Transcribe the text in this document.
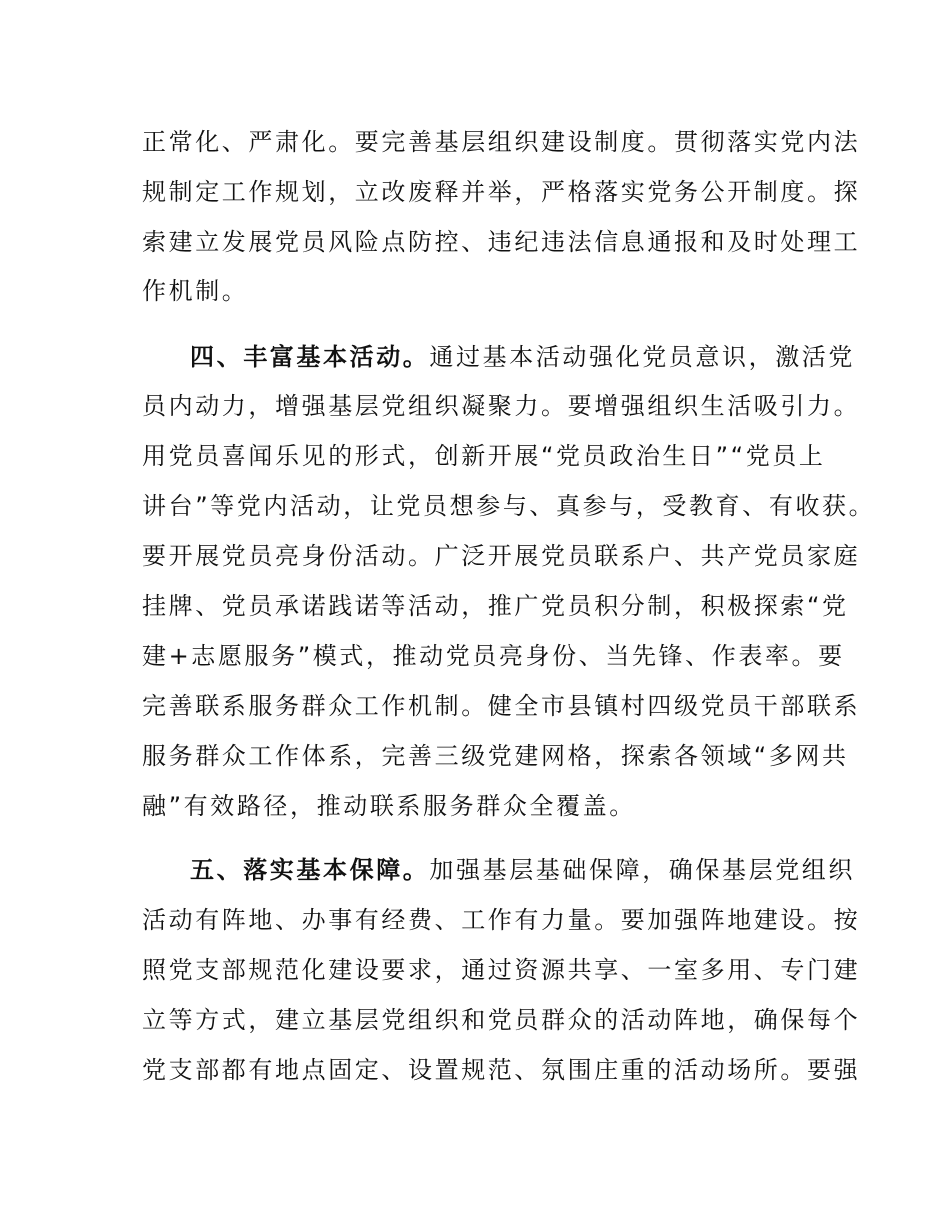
正常化、严肃化。要完善基层组织建设制度。贯彻落实党内法
规制定工作规划，立改废释并举，严格落实党务公开制度。探
索建立发展党员风险点防控、违纪违法信息通报和及时处理工
作机制。
四、丰富基本活动。通过基本活动强化党员意识，激活党
员内动力，增强基层党组织凝聚力。要增强组织生活吸引力。
用党员喜闻乐见的形式，创新开展“党员政治生日”“党员上
讲台”等党内活动，让党员想参与、真参与，受教育、有收获。
要开展党员亮身份活动。广泛开展党员联系户、共产党员家庭
挂牌、党员承诺践诺等活动，推广党员积分制，积极探索“党
建+志愿服务”模式，推动党员亮身份、当先锋、作表率。要
完善联系服务群众工作机制。健全市县镇村四级党员干部联系
服务群众工作体系，完善三级党建网格，探索各领域“多网共
融”有效路径，推动联系服务群众全覆盖。
五、落实基本保障。加强基层基础保障，确保基层党组织
活动有阵地、办事有经费、工作有力量。要加强阵地建设。按
照党支部规范化建设要求，通过资源共享、一室多用、专门建
立等方式，建立基层党组织和党员群众的活动阵地，确保每个
党支部都有地点固定、设置规范、氛围庄重的活动场所。要强
